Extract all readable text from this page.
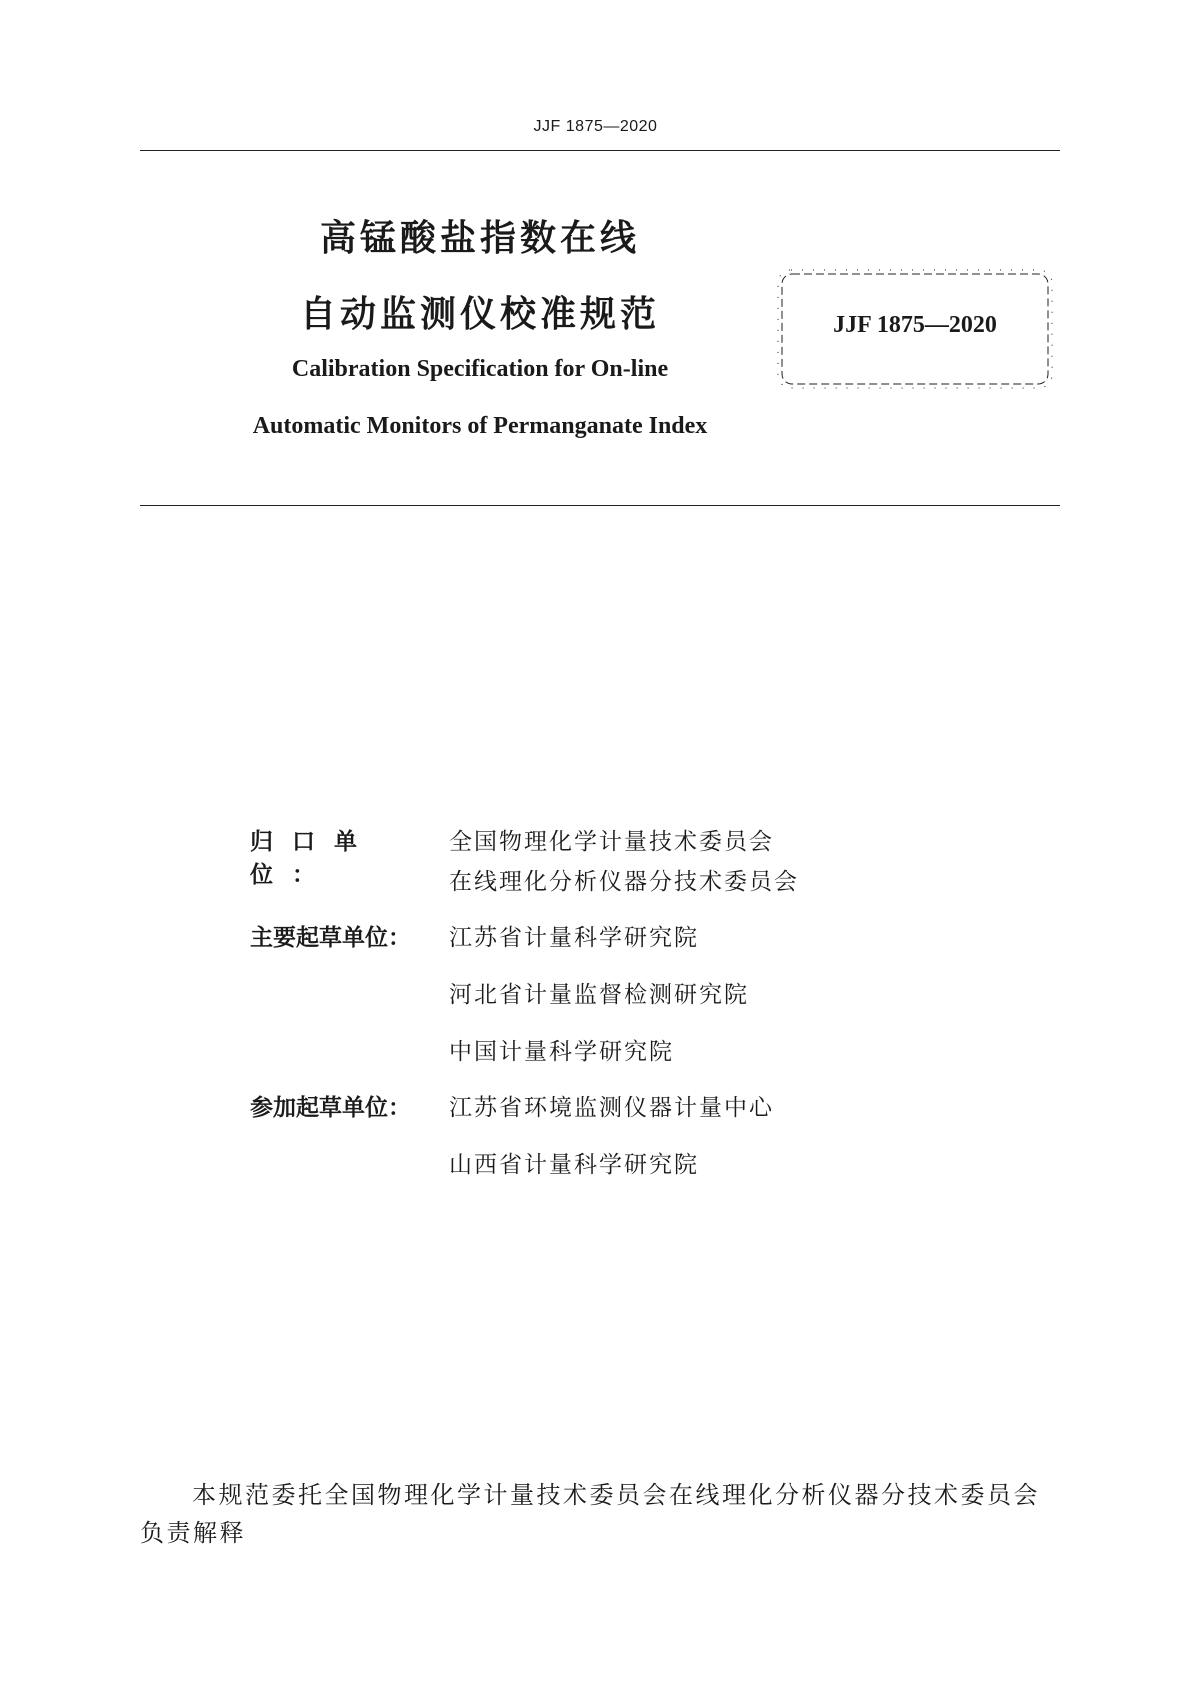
JJF 1875—2020
高锰酸盐指数在线
自动监测仪校准规范
Calibration Specification for On-line
Automatic Monitors of Permanganate Index
JJF 1875—2020
归口单位：
全国物理化学计量技术委员会
在线理化分析仪器分技术委员会
主要起草单位：	江苏省计量科学研究院
河北省计量监督检测研究院
中国计量科学研究院
参加起草单位：	江苏省环境监测仪器计量中心
山西省计量科学研究院
本规范委托全国物理化学计量技术委员会在线理化分析仪器分技术委员会负责解释
